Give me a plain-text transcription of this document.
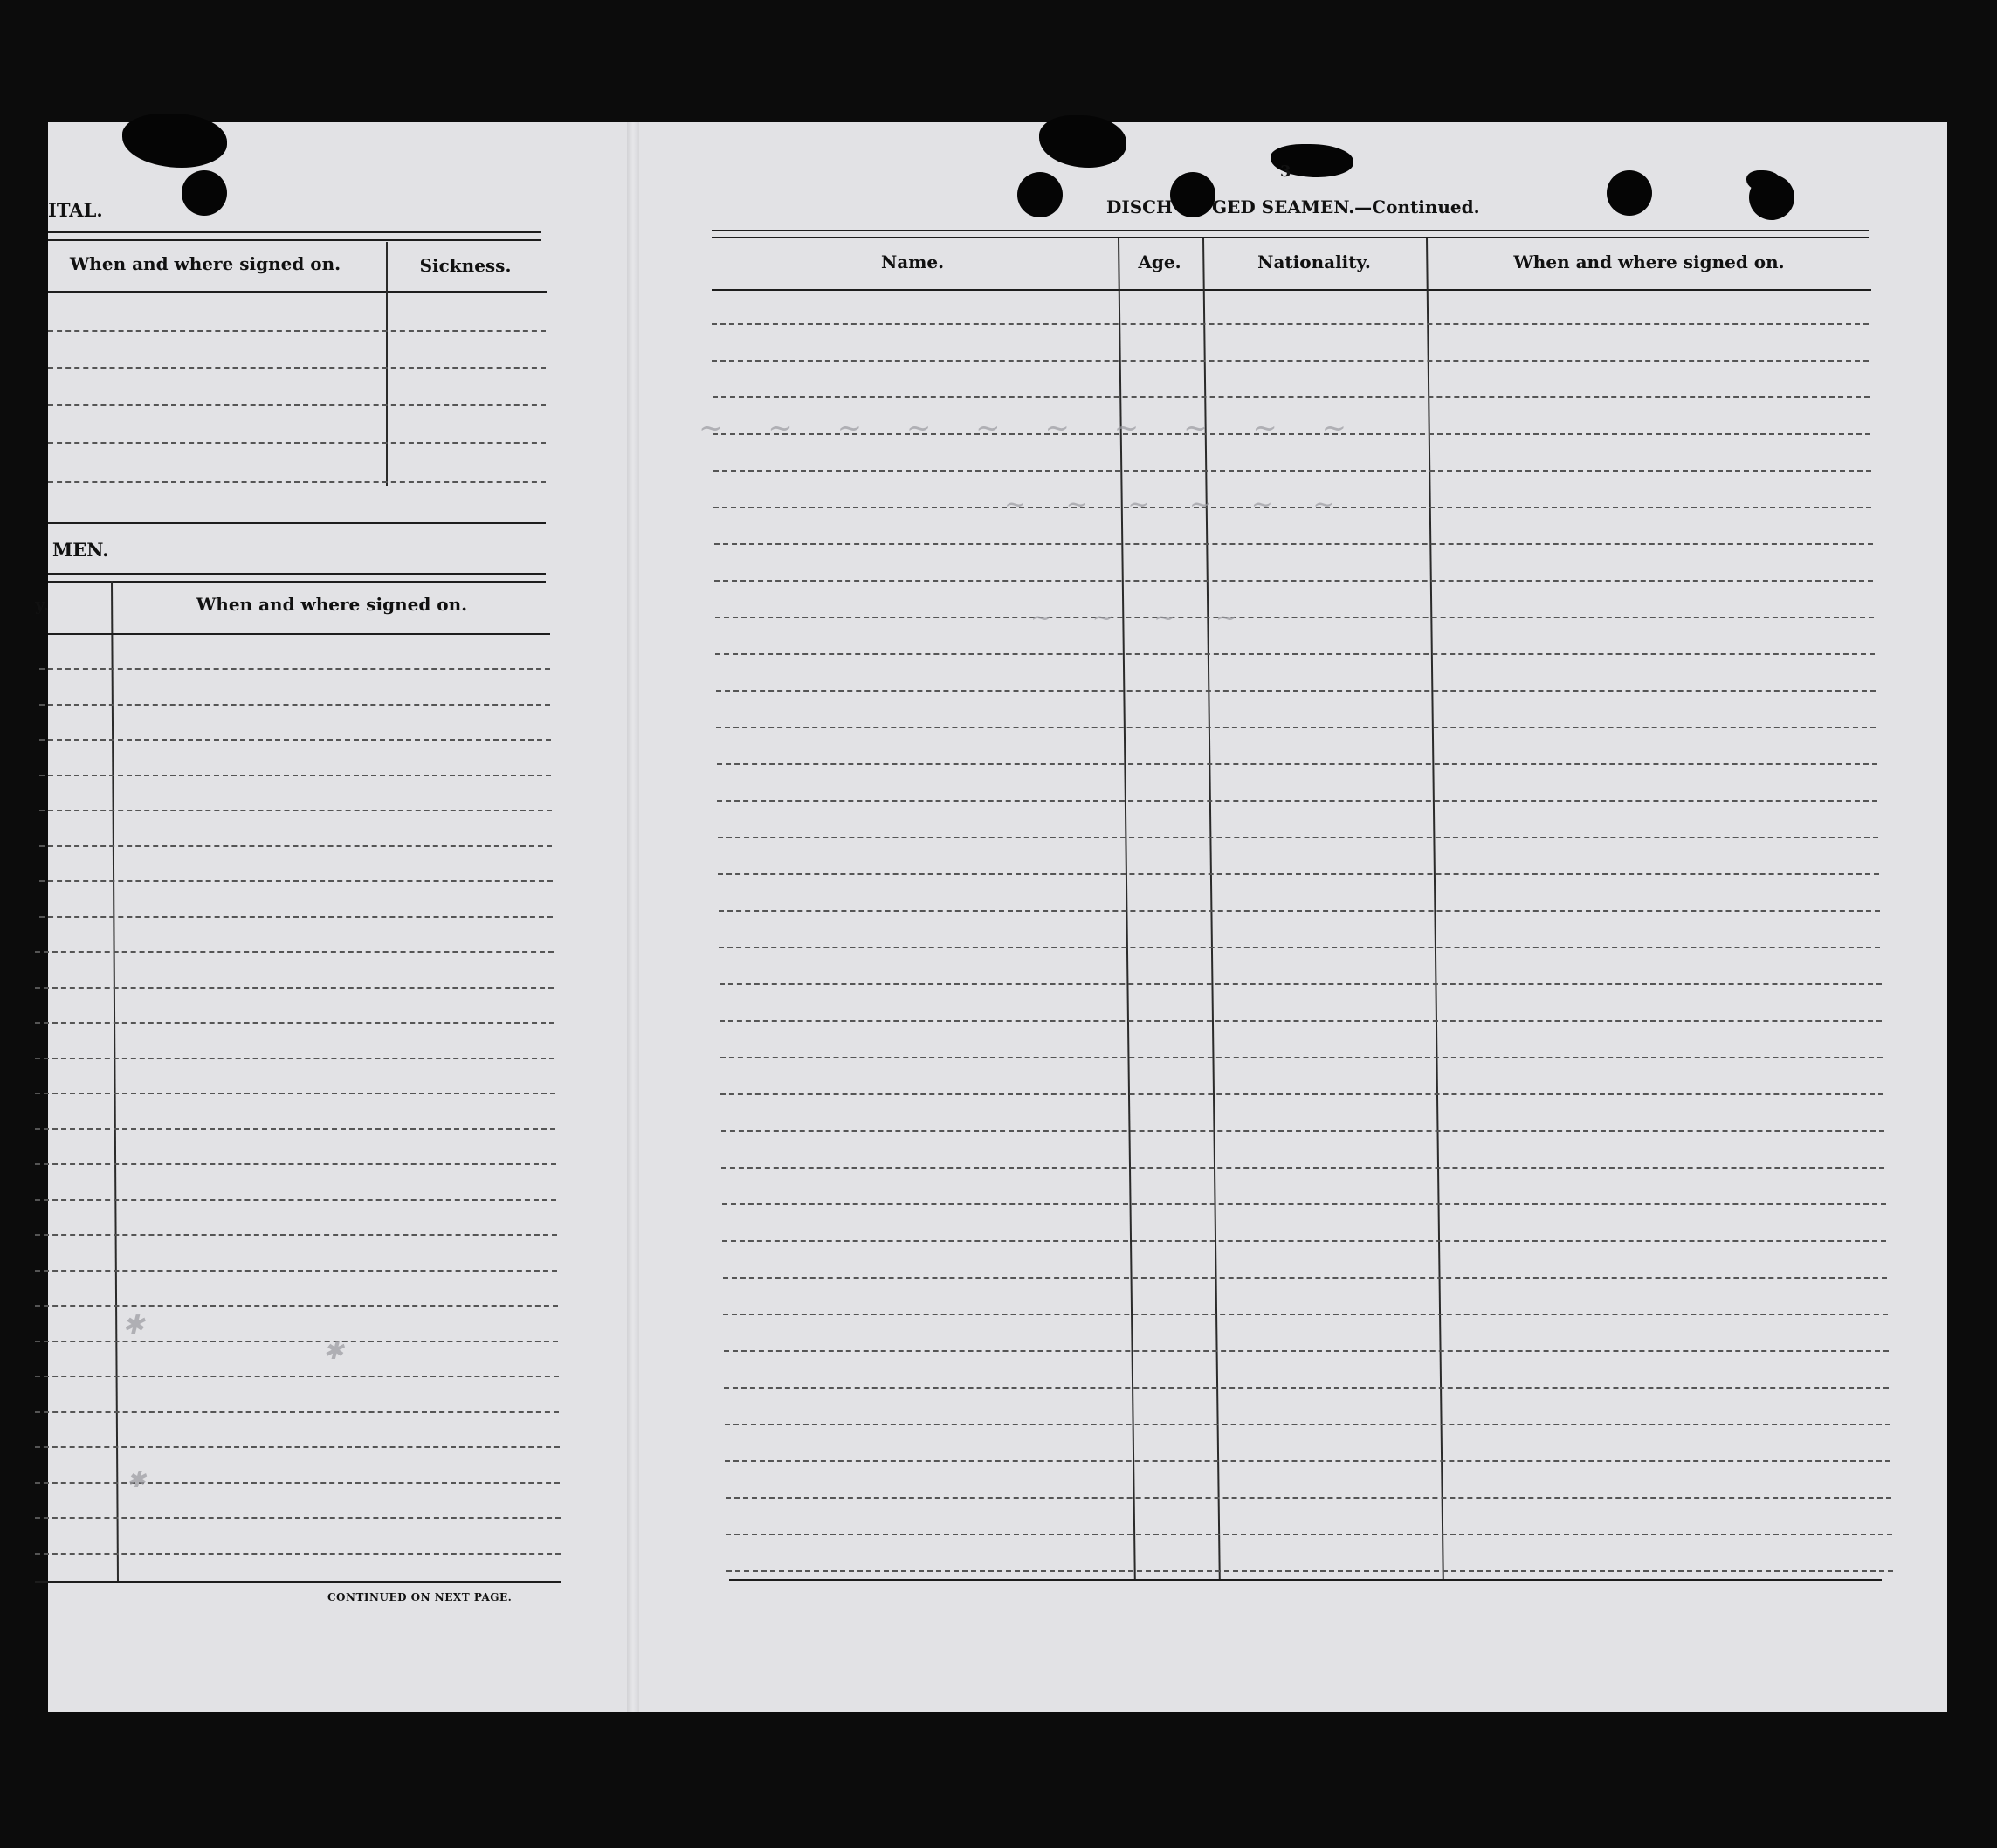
ITAL.

When and where signed on.	Sickness.

MEN.

y.	When and where signed on.

CONTINUED ON NEXT PAGE.

✱
✱
✱

3

DISCH GED SEAMEN.—Continued.

Name.	Age.	Nationality.	When and where signed on.

~ ~ ~ ~ ~ ~ ~ ~ ~ ~
~ ~ ~ ~ ~ ~
~ ~ ~ ~
